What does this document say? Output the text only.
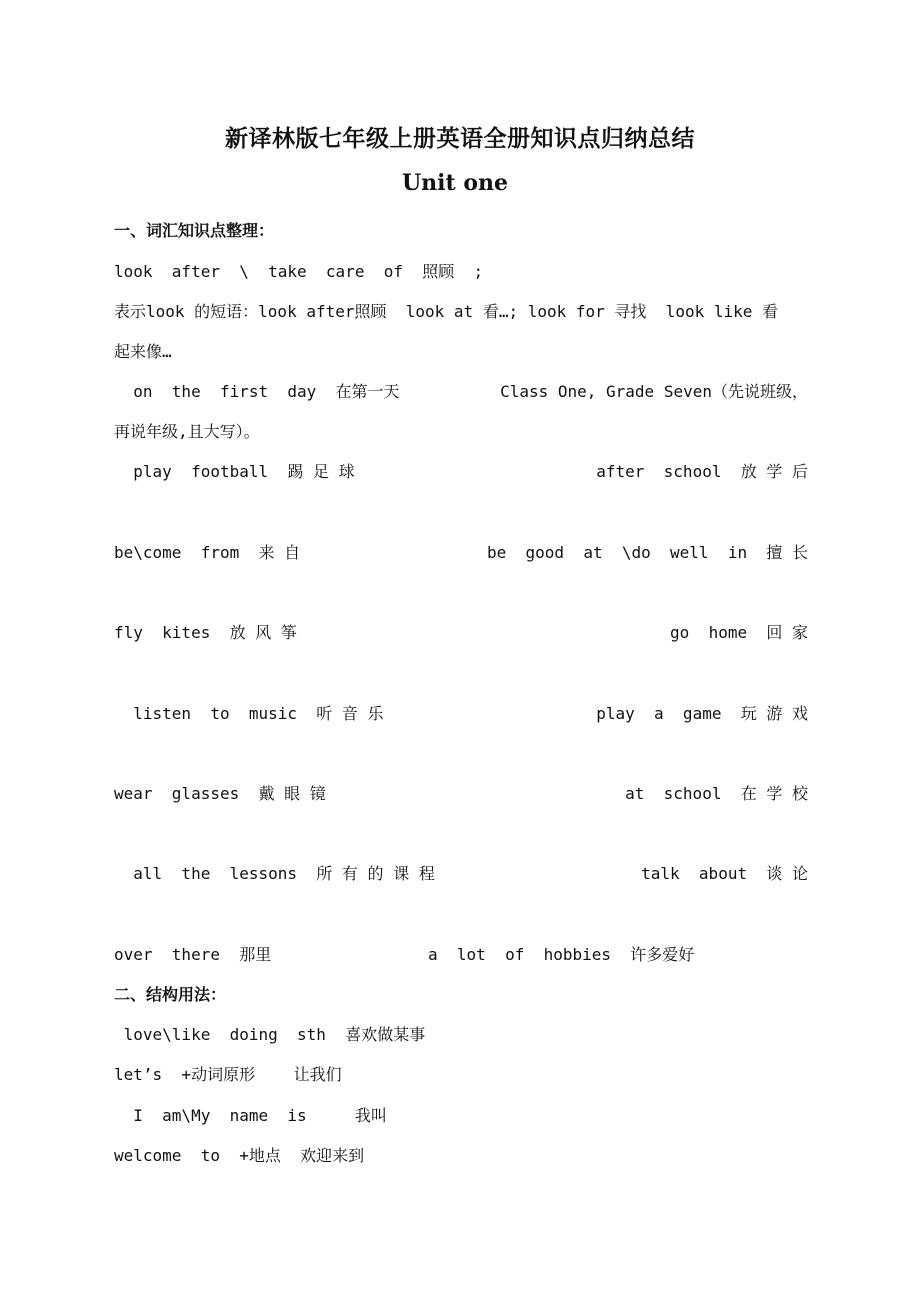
新译林版七年级上册英语全册知识点归纳总结
Unit one
一、词汇知识点整理：
look  after  \  take  care  of  照顾  ;
表示look 的短语：look after照顾  look at 看…; look for 寻找  look like 看
起来像…
on  the  first  day  在第一天	Class One, Grade Seven（先说班级，
再说年级,且大写）。
play  football  踢 足 球	after  school  放 学 后
be\come  from  来 自	be  good  at  \do  well  in  擅 长
fly  kites  放 风 筝	go  home  回 家
listen  to  music  听 音 乐	play  a  game  玩 游 戏
wear  glasses  戴 眼 镜	at  school  在 学 校
all  the  lessons  所 有 的 课 程	talk  about  谈 论
over  there  那里	a  lot  of  hobbies  许多爱好
二、结构用法：
love\like  doing  sth  喜欢做某事
let’s  +动词原形    让我们
I  am\My  name  is     我叫
welcome  to  +地点  欢迎来到
